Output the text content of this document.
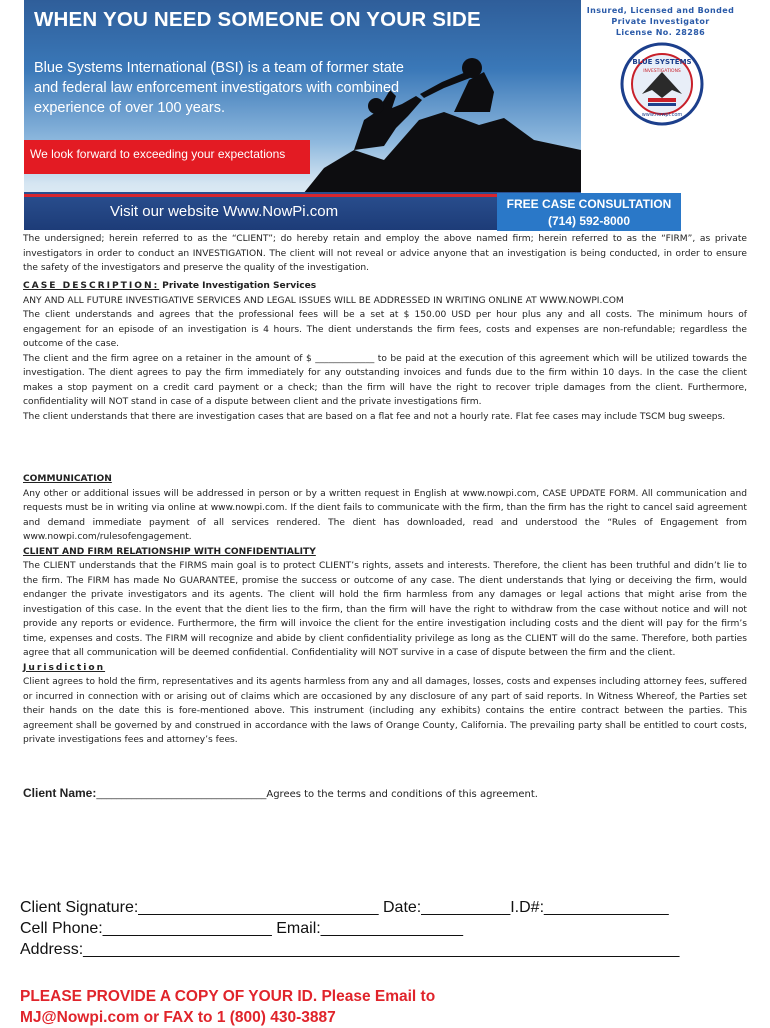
WHEN YOU NEED SOMEONE ON YOUR SIDE
Blue Systems International (BSI) is a team of former state and federal law enforcement investigators with combined experience of over 100 years.
We look forward to exceeding your expectations
Visit our website Www.NowPi.com	FREE CASE CONSULTATION
(714) 592-8000
Insured, Licensed and Bonded
Private Investigator
License No. 28286
BLUE SYSTEMS
www.nowpi.com
INVESTIGATIONS

The undersigned; herein referred to as the “CLIENT”; do hereby retain and employ the above named firm; herein referred to as the “FIRM”, as private investigators in order to conduct an INVESTIGATION. The client will not reveal or advice anyone that an investigation is being conducted, in order to ensure the safety of the investigators and preserve the quality of the investigation.

CASE DESCRIPTION: Private Investigation Services

ANY AND ALL FUTURE INVESTIGATIVE SERVICES AND LEGAL ISSUES WILL BE ADDRESSED IN WRITING ONLINE AT WWW.NOWPI.COM

The client understands and agrees that the professional fees will be a set at $ 150.00 USD per hour plus any and all costs. The minimum hours of engagement for an episode of an investigation is 4 hours. The dient understands the firm fees, costs and expenses are non-refundable; regardless the outcome of the case.

The client and the firm agree on a retainer in the amount of $ _____________ to be paid at the execution of this agreement which will be utilized towards the investigation. The dient agrees to pay the firm immediately for any outstanding invoices and funds due to the firm within 10 days. In the case the client makes a stop payment on a credit card payment or a check; than the firm will have the right to recover triple damages from the client. Furthermore, confidentiality will NOT stand in case of a dispute between client and the private investigations firm.

The client understands that there are investigation cases that are based on a flat fee and not a hourly rate. Flat fee cases may include TSCM bug sweeps.

COMMUNICATION

Any other or additional issues will be addressed in person or by a written request in English at www.nowpi.com, CASE UPDATE FORM. All communication and requests must be in writing via online at www.nowpi.com. If the dient fails to communicate with the firm, than the firm has the right to cancel said agreement and demand immediate payment of all services rendered. The dient has downloaded, read and understood the “Rules of Engagement from www.nowpi.com/rulesofengagement.

CLIENT AND FIRM RELATIONSHIP WITH CONFIDENTIALITY

The CLIENT understands that the FIRMS main goal is to protect CLIENT’s rights, assets and interests. Therefore, the client has been truthful and didn’t lie to the firm. The FIRM has made No GUARANTEE, promise the success or outcome of any case. The dient understands that lying or deceiving the firm, would endanger the private investigators and its agents. The client will hold the firm harmless from any damages or legal actions that might arise from the investigation of this case. In the event that the dient lies to the firm, than the firm will have the right to withdraw from the case without notice and will not provide any reports or evidence. Furthermore, the firm will invoice the client for the entire investigation including costs and the dient will pay for the firm’s time, expenses and costs. The FIRM will recognize and abide by client confidentiality privilege as long as the CLIENT will do the same. Therefore, both parties agree that all communication will be deemed confidential. Confidentiality will NOT survive in a case of dispute between the firm and the client.

Jurisdiction

Client agrees to hold the firm, representatives and its agents harmless from any and all damages, losses, costs and expenses including attorney fees, suffered or incurred in connection with or arising out of claims which are occasioned by any disclosure of any part of said reports. In Witness Whereof, the Parties set their hands on the date this is fore-mentioned above. This instrument (including any exhibits) contains the entire contract between the parties. This agreement shall be governed by and construed in accordance with the laws of Orange County, California. The prevailing party shall be entitled to court costs, private investigations fees and attorney’s fees.

Client Name:__________________________________Agrees to the terms and conditions of this agreement.
Client Signature:___________________________ Date:__________I.D#:______________
Cell Phone:___________________ Email:________________
Address:___________________________________________________________________
PLEASE PROVIDE A COPY OF YOUR ID. Please Email to
MJ@Nowpi.com or FAX to 1 (800) 430-3887
